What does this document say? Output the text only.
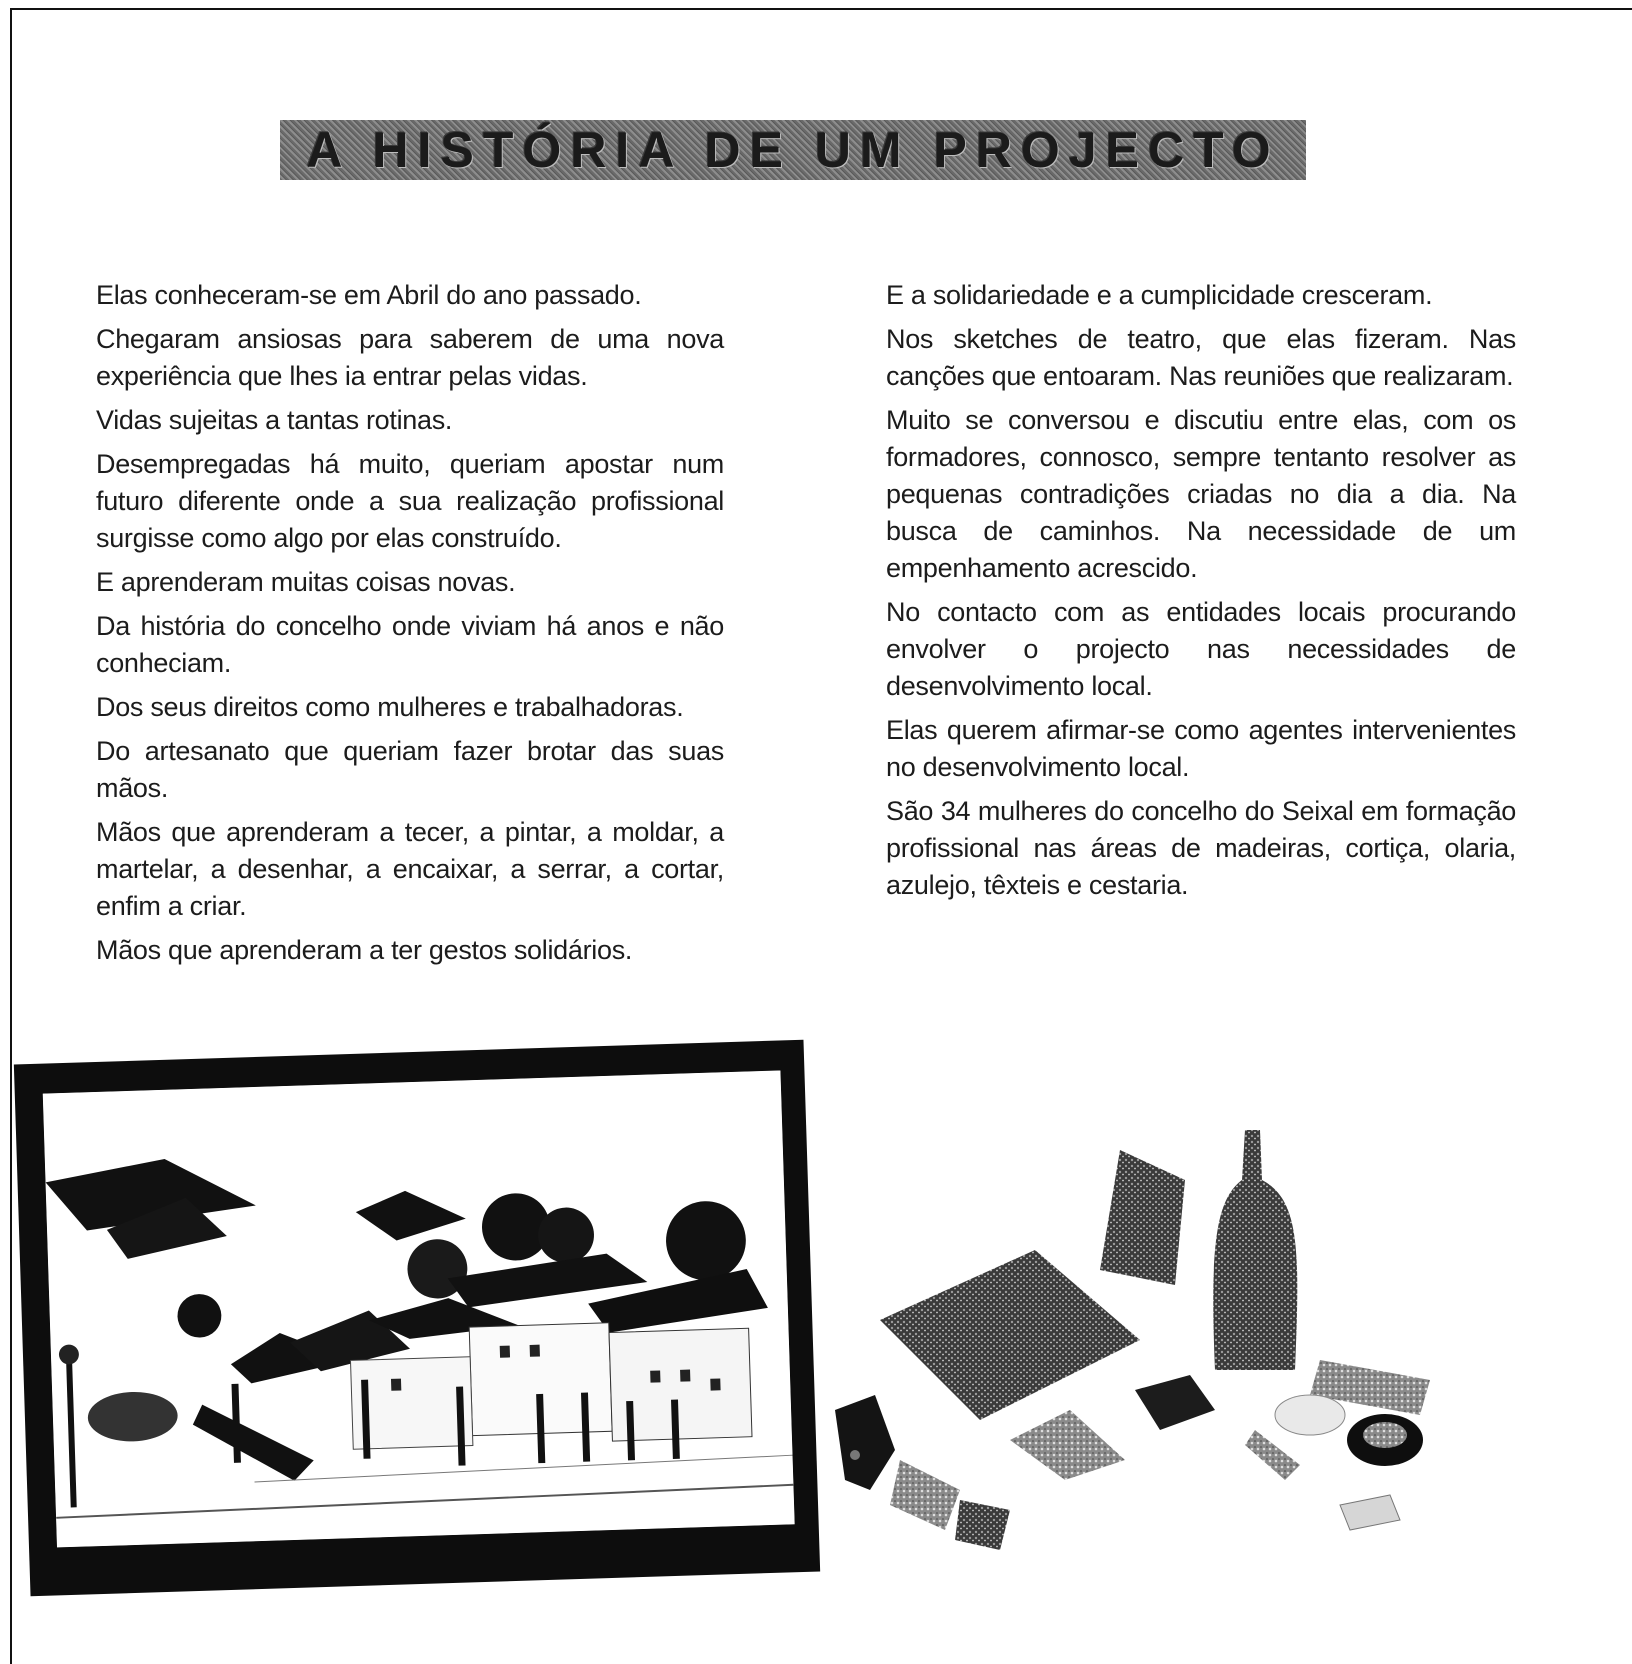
A HISTÓRIA DE UM PROJECTO

Elas conheceram-se em Abril do ano passado.

Chegaram ansiosas para saberem de uma nova experiência que lhes ia entrar pelas vidas.

Vidas sujeitas a tantas rotinas.

Desempregadas há muito, queriam apostar num futuro diferente onde a sua realização profissional surgisse como algo por elas construído.

E aprenderam muitas coisas novas.

Da história do concelho onde viviam há anos e não conheciam.

Dos seus direitos como mulheres e trabalhadoras.

Do artesanato que queriam fazer brotar das suas mãos.

Mãos que aprenderam a tecer, a pintar, a moldar, a martelar, a desenhar, a encaixar, a serrar, a cortar, enfim a criar.

Mãos que aprenderam a ter gestos solidários.

E a solidariedade e a cumplicidade cresceram.

Nos sketches de teatro, que elas fizeram. Nas canções que entoaram. Nas reuniões que realizaram.

Muito se conversou e discutiu entre elas, com os formadores, connosco, sempre tentanto resolver as pequenas contradições criadas no dia a dia. Na busca de caminhos. Na necessidade de um empenhamento acrescido.

No contacto com as entidades locais procurando envolver o projecto nas necessidades de desenvolvimento local.

Elas querem afirmar-se como agentes intervenientes no desenvolvimento local.

São 34 mulheres do concelho do Seixal em formação profissional nas áreas de madeiras, cortiça, olaria, azulejo, têxteis e cestaria.
